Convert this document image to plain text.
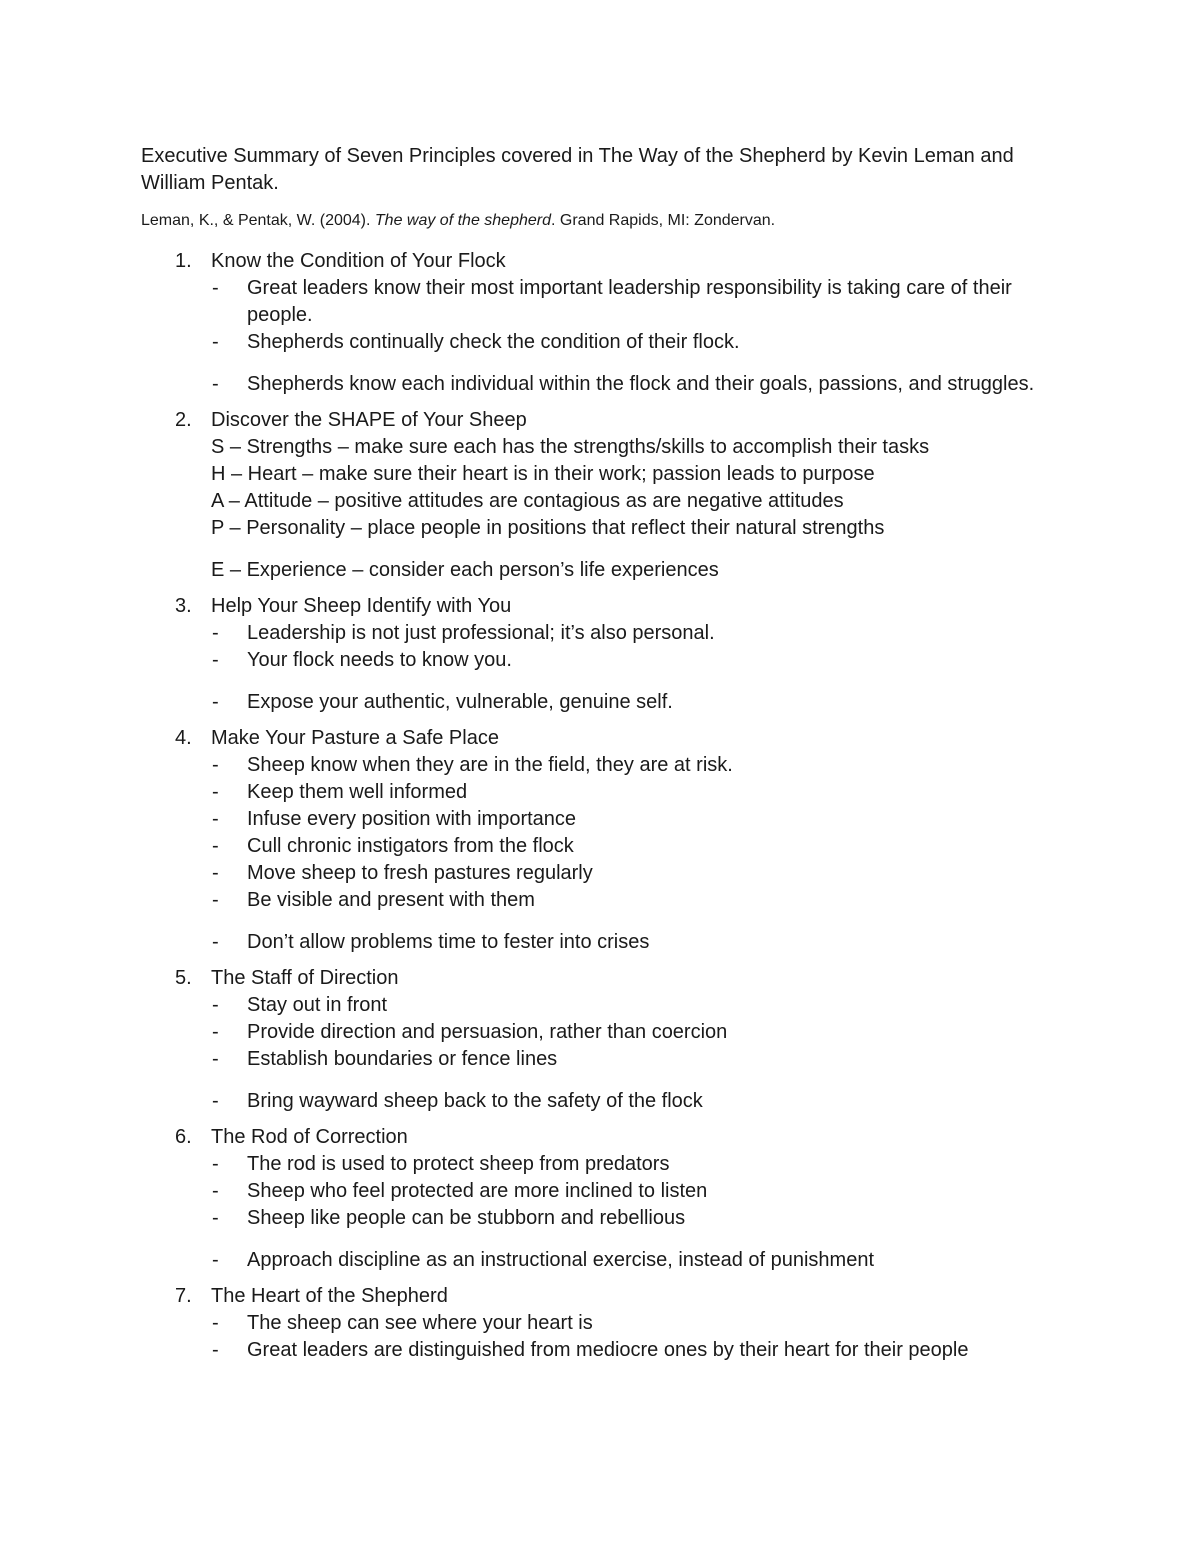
Executive Summary of Seven Principles covered in The Way of the Shepherd by Kevin Leman and William Pentak.

Leman, K., & Pentak, W. (2004). The way of the shepherd. Grand Rapids, MI: Zondervan.

1. Know the Condition of Your Flock
- Great leaders know their most important leadership responsibility is taking care of their people.
- Shepherds continually check the condition of their flock.
- Shepherds know each individual within the flock and their goals, passions, and struggles.
2. Discover the SHAPE of Your Sheep
S – Strengths – make sure each has the strengths/skills to accomplish their tasks
H – Heart – make sure their heart is in their work; passion leads to purpose
A – Attitude – positive attitudes are contagious as are negative attitudes
P – Personality – place people in positions that reflect their natural strengths
E – Experience – consider each person’s life experiences
3. Help Your Sheep Identify with You
- Leadership is not just professional; it’s also personal.
- Your flock needs to know you.
- Expose your authentic, vulnerable, genuine self.
4. Make Your Pasture a Safe Place
- Sheep know when they are in the field, they are at risk.
- Keep them well informed
- Infuse every position with importance
- Cull chronic instigators from the flock
- Move sheep to fresh pastures regularly
- Be visible and present with them
- Don’t allow problems time to fester into crises
5. The Staff of Direction
- Stay out in front
- Provide direction and persuasion, rather than coercion
- Establish boundaries or fence lines
- Bring wayward sheep back to the safety of the flock
6. The Rod of Correction
- The rod is used to protect sheep from predators
- Sheep who feel protected are more inclined to listen
- Sheep like people can be stubborn and rebellious
- Approach discipline as an instructional exercise, instead of punishment
7. The Heart of the Shepherd
- The sheep can see where your heart is
- Great leaders are distinguished from mediocre ones by their heart for their people
